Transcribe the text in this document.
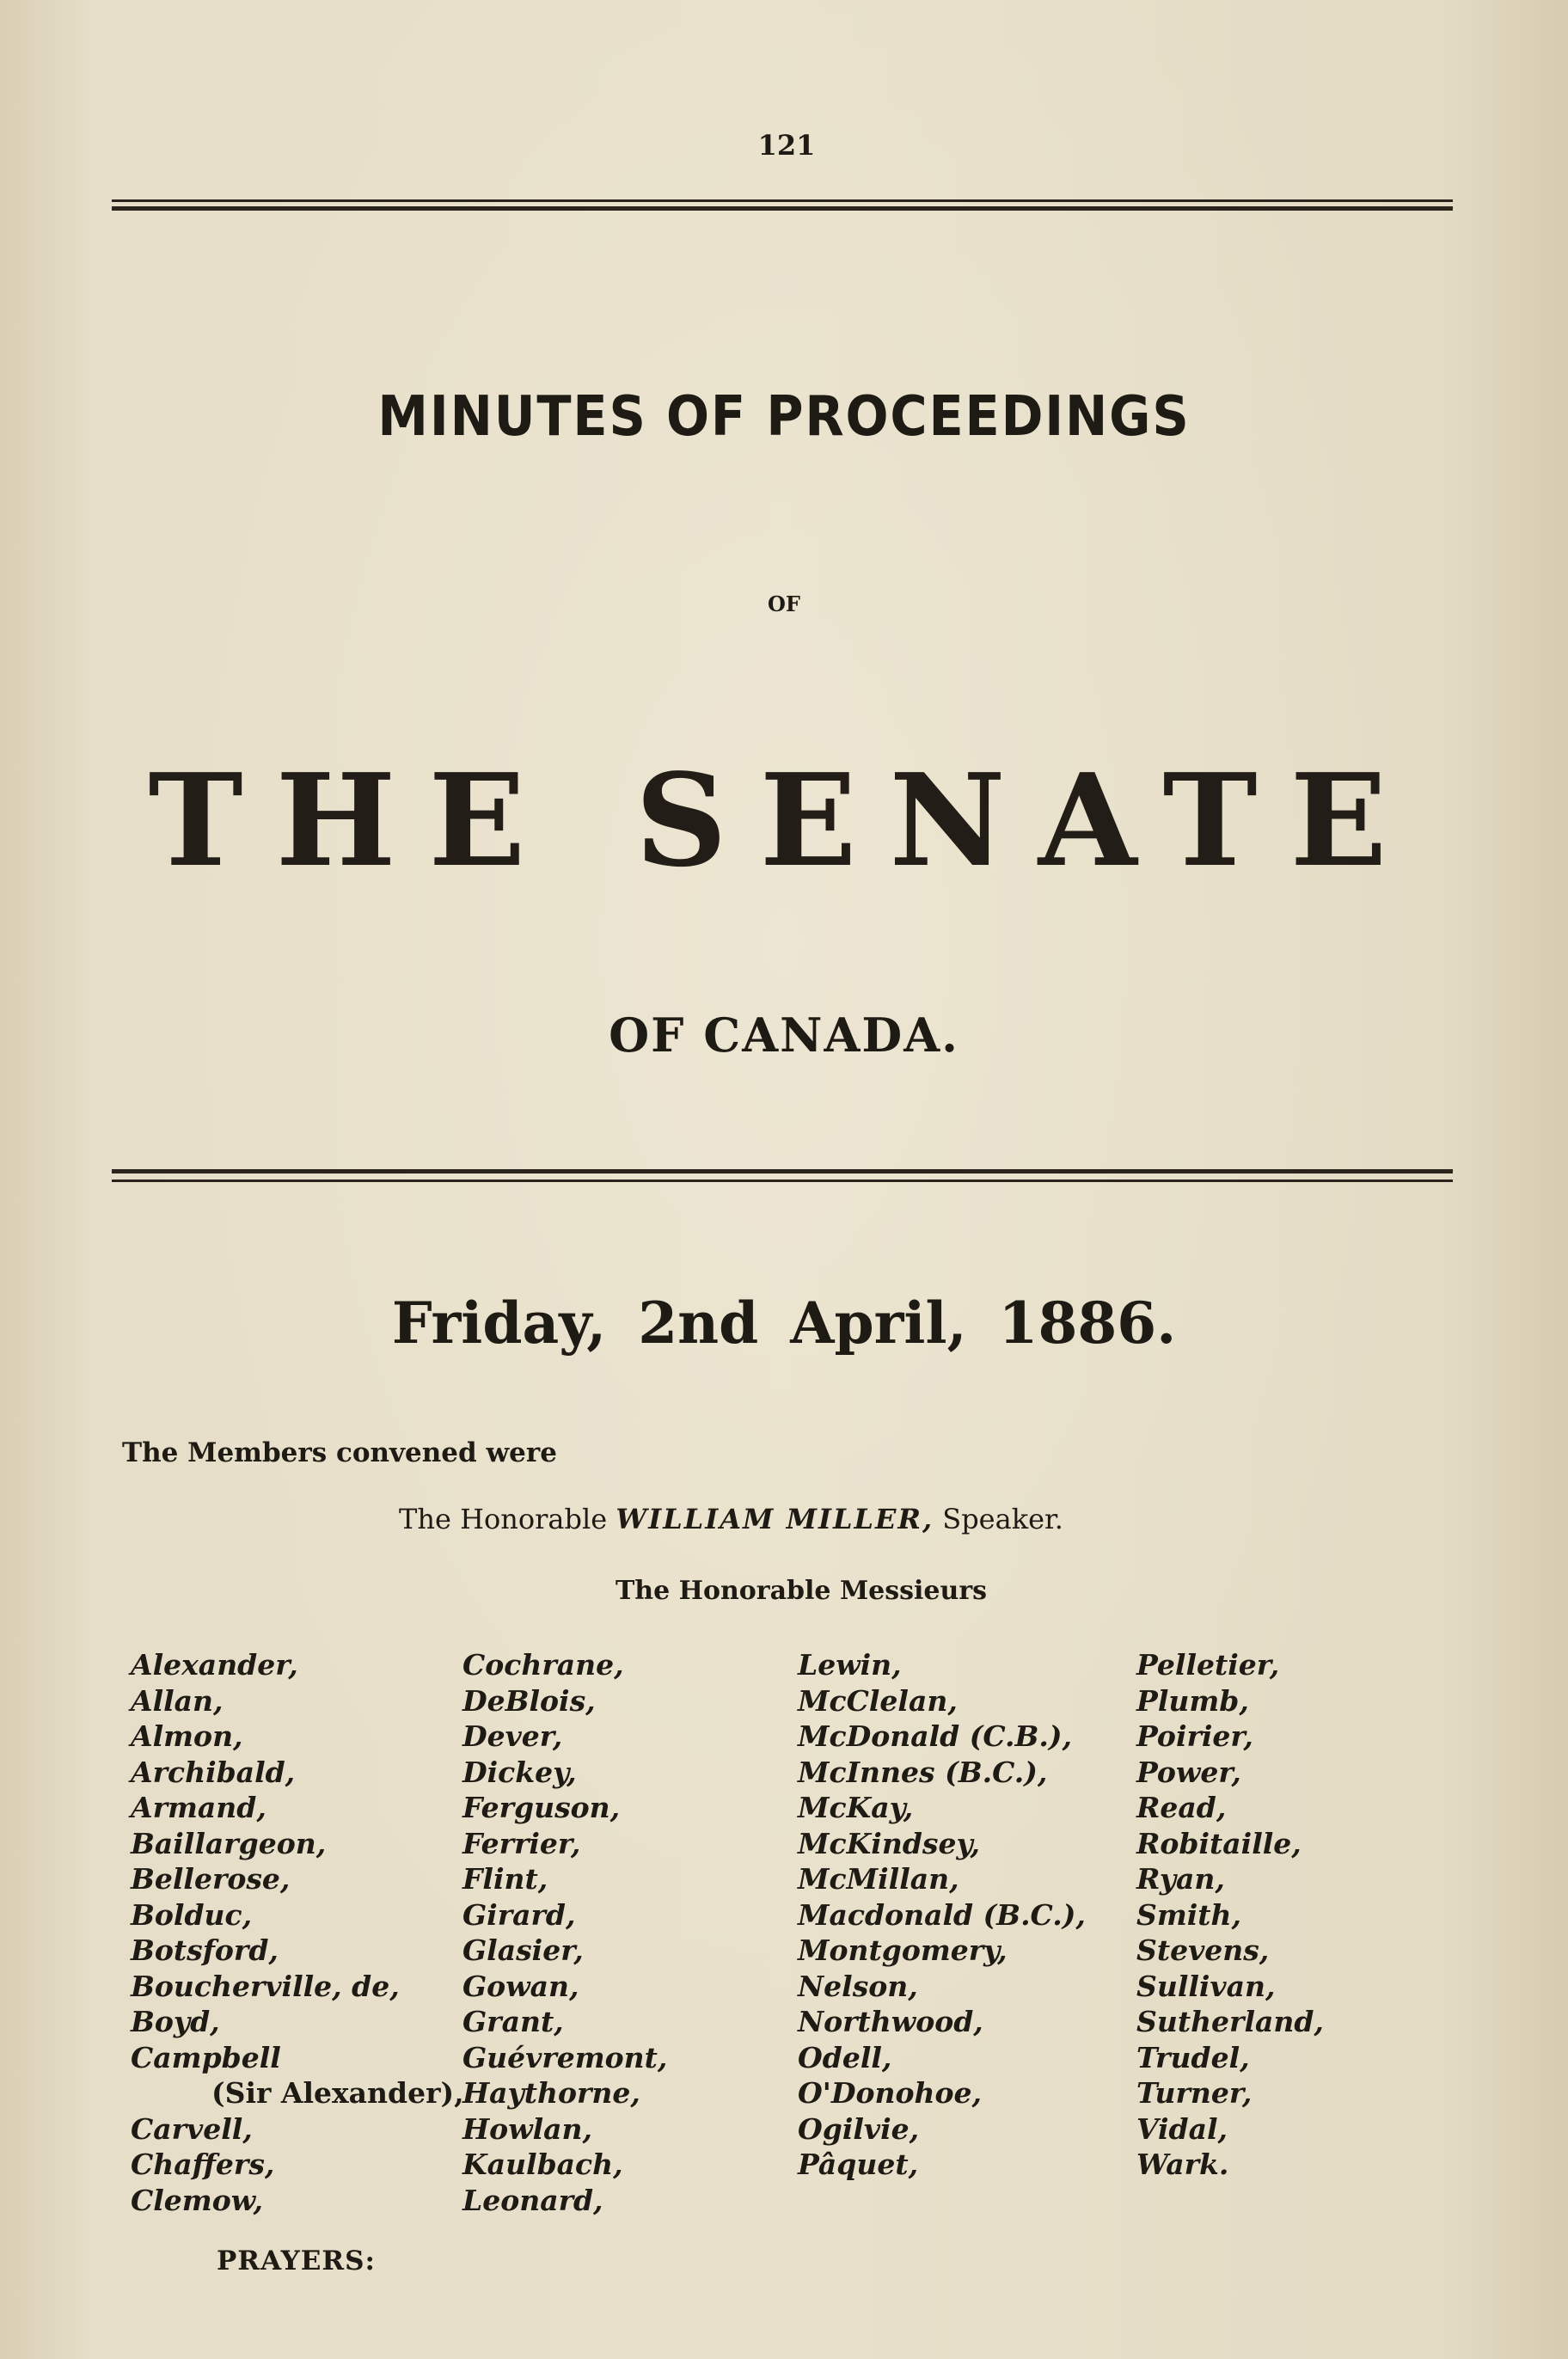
121
MINUTES OF PROCEEDINGS
OF
THE SENATE
OF CANADA.
Friday, 2nd April, 1886.
The Members convened were
The Honorable WILLIAM MILLER, Speaker.
The Honorable Messieurs
Alexander,
Allan,
Almon,
Archibald,
Armand,
Baillargeon,
Bellerose,
Bolduc,
Botsford,
Boucherville, de,
Boyd,
Campbell
(Sir Alexander),
Carvell,
Chaffers,
Clemow,
Cochrane,
DeBlois,
Dever,
Dickey,
Ferguson,
Ferrier,
Flint,
Girard,
Glasier,
Gowan,
Grant,
Guévremont,
Haythorne,
Howlan,
Kaulbach,
Leonard,
Lewin,
McClelan,
McDonald (C.B.),
McInnes (B.C.),
McKay,
McKindsey,
McMillan,
Macdonald (B.C.),
Montgomery,
Nelson,
Northwood,
Odell,
O'Donohoe,
Ogilvie,
Pâquet,
Pelletier,
Plumb,
Poirier,
Power,
Read,
Robitaille,
Ryan,
Smith,
Stevens,
Sullivan,
Sutherland,
Trudel,
Turner,
Vidal,
Wark.
PRAYERS:
